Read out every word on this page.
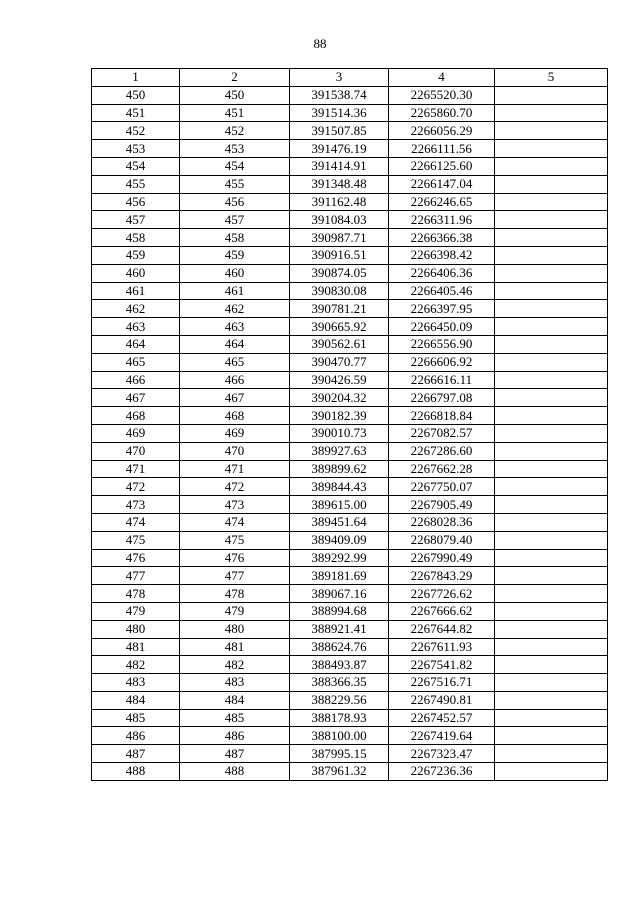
88
1	2	3	4	5
450	450	391538.74	2265520.30	
451	451	391514.36	2265860.70	
452	452	391507.85	2266056.29	
453	453	391476.19	2266111.56	
454	454	391414.91	2266125.60	
455	455	391348.48	2266147.04	
456	456	391162.48	2266246.65	
457	457	391084.03	2266311.96	
458	458	390987.71	2266366.38	
459	459	390916.51	2266398.42	
460	460	390874.05	2266406.36	
461	461	390830.08	2266405.46	
462	462	390781.21	2266397.95	
463	463	390665.92	2266450.09	
464	464	390562.61	2266556.90	
465	465	390470.77	2266606.92	
466	466	390426.59	2266616.11	
467	467	390204.32	2266797.08	
468	468	390182.39	2266818.84	
469	469	390010.73	2267082.57	
470	470	389927.63	2267286.60	
471	471	389899.62	2267662.28	
472	472	389844.43	2267750.07	
473	473	389615.00	2267905.49	
474	474	389451.64	2268028.36	
475	475	389409.09	2268079.40	
476	476	389292.99	2267990.49	
477	477	389181.69	2267843.29	
478	478	389067.16	2267726.62	
479	479	388994.68	2267666.62	
480	480	388921.41	2267644.82	
481	481	388624.76	2267611.93	
482	482	388493.87	2267541.82	
483	483	388366.35	2267516.71	
484	484	388229.56	2267490.81	
485	485	388178.93	2267452.57	
486	486	388100.00	2267419.64	
487	487	387995.15	2267323.47	
488	488	387961.32	2267236.36	
